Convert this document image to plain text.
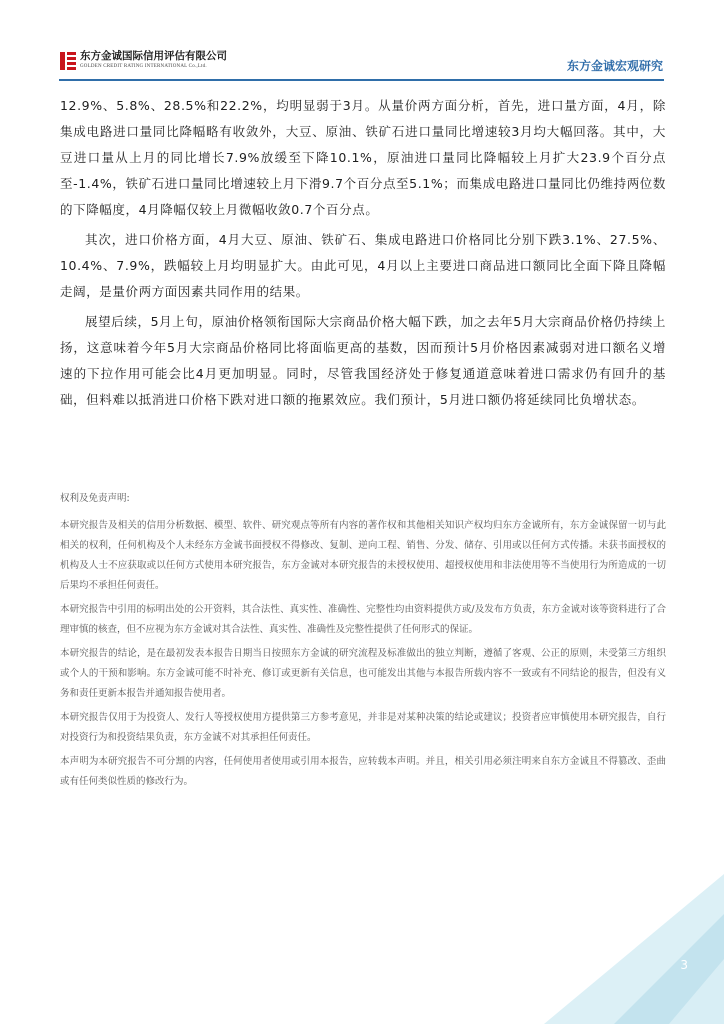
东方金诚国际信用评估有限公司
GOLDEN CREDIT RATING INTERNATIONAL Co.,Ltd.	东方金诚宏观研究

12.9%、5.8%、28.5%和22.2%，均明显弱于3月。从量价两方面分析，首先，进口量方面，4月，除集成电路进口量同比降幅略有收敛外，大豆、原油、铁矿石进口量同比增速较3月均大幅回落。其中，大豆进口量从上月的同比增长7.9%放缓至下降10.1%，原油进口量同比降幅较上月扩大23.9个百分点至-1.4%，铁矿石进口量同比增速较上月下滑9.7个百分点至5.1%；而集成电路进口量同比仍维持两位数的下降幅度，4月降幅仅较上月微幅收敛0.7个百分点。

其次，进口价格方面，4月大豆、原油、铁矿石、集成电路进口价格同比分别下跌3.1%、27.5%、10.4%、7.9%，跌幅较上月均明显扩大。由此可见，4月以上主要进口商品进口额同比全面下降且降幅走阔，是量价两方面因素共同作用的结果。

展望后续，5月上旬，原油价格领衔国际大宗商品价格大幅下跌，加之去年5月大宗商品价格仍持续上扬，这意味着今年5月大宗商品价格同比将面临更高的基数，因而预计5月价格因素减弱对进口额名义增速的下拉作用可能会比4月更加明显。同时，尽管我国经济处于修复通道意味着进口需求仍有回升的基础，但料难以抵消进口价格下跌对进口额的拖累效应。我们预计，5月进口额仍将延续同比负增状态。

权利及免责声明:

本研究报告及相关的信用分析数据、模型、软件、研究观点等所有内容的著作权和其他相关知识产权均归东方金诚所有，东方金诚保留一切与此相关的权利，任何机构及个人未经东方金诚书面授权不得修改、复制、逆向工程、销售、分发、储存、引用或以任何方式传播。未获书面授权的机构及人士不应获取或以任何方式使用本研究报告，东方金诚对本研究报告的未授权使用、超授权使用和非法使用等不当使用行为所造成的一切后果均不承担任何责任。

本研究报告中引用的标明出处的公开资料，其合法性、真实性、准确性、完整性均由资料提供方或/及发布方负责，东方金诚对该等资料进行了合理审慎的核查，但不应视为东方金诚对其合法性、真实性、准确性及完整性提供了任何形式的保证。

本研究报告的结论，是在最初发表本报告日期当日按照东方金诚的研究流程及标准做出的独立判断，遵循了客观、公正的原则，未受第三方组织或个人的干预和影响。东方金诚可能不时补充、修订或更新有关信息，也可能发出其他与本报告所载内容不一致或有不同结论的报告，但没有义务和责任更新本报告并通知报告使用者。

本研究报告仅用于为投资人、发行人等授权使用方提供第三方参考意见，并非是对某种决策的结论或建议；投资者应审慎使用本研究报告，自行对投资行为和投资结果负责，东方金诚不对其承担任何责任。

本声明为本研究报告不可分割的内容，任何使用者使用或引用本报告，应转载本声明。并且，相关引用必须注明来自东方金诚且不得篡改、歪曲或有任何类似性质的修改行为。

3
